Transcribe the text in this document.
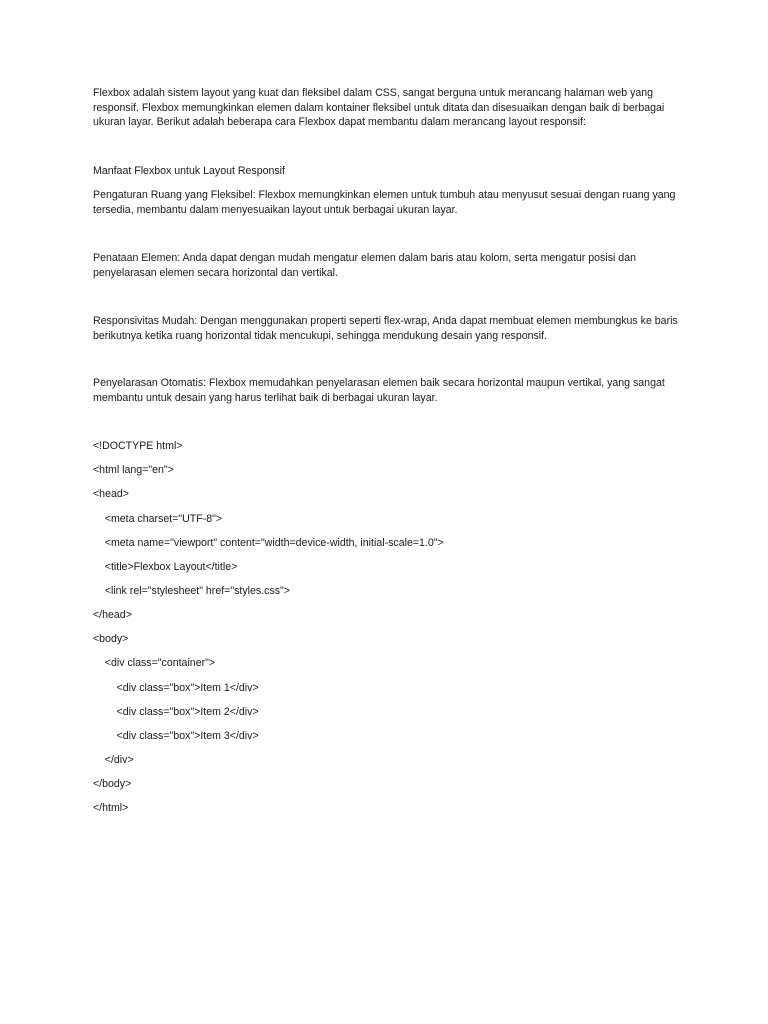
Flexbox adalah sistem layout yang kuat dan fleksibel dalam CSS, sangat berguna untuk merancang halaman web yang responsif. Flexbox memungkinkan elemen dalam kontainer fleksibel untuk ditata dan disesuaikan dengan baik di berbagai ukuran layar. Berikut adalah beberapa cara Flexbox dapat membantu dalam merancang layout responsif:

Manfaat Flexbox untuk Layout Responsif

Pengaturan Ruang yang Fleksibel: Flexbox memungkinkan elemen untuk tumbuh atau menyusut sesuai dengan ruang yang tersedia, membantu dalam menyesuaikan layout untuk berbagai ukuran layar.

Penataan Elemen: Anda dapat dengan mudah mengatur elemen dalam baris atau kolom, serta mengatur posisi dan penyelarasan elemen secara horizontal dan vertikal.

Responsivitas Mudah: Dengan menggunakan properti seperti flex-wrap, Anda dapat membuat elemen membungkus ke baris berikutnya ketika ruang horizontal tidak mencukupi, sehingga mendukung desain yang responsif.

Penyelarasan Otomatis: Flexbox memudahkan penyelarasan elemen baik secara horizontal maupun vertikal, yang sangat membantu untuk desain yang harus terlihat baik di berbagai ukuran layar.

<!DOCTYPE html>

<html lang="en">

<head>

<meta charset="UTF-8">

<meta name="viewport" content="width=device-width, initial-scale=1.0">

<title>Flexbox Layout</title>

<link rel="stylesheet" href="styles.css">

</head>

<body>

<div class="container">

<div class="box">Item 1</div>

<div class="box">Item 2</div>

<div class="box">Item 3</div>

</div>

</body>

</html>
